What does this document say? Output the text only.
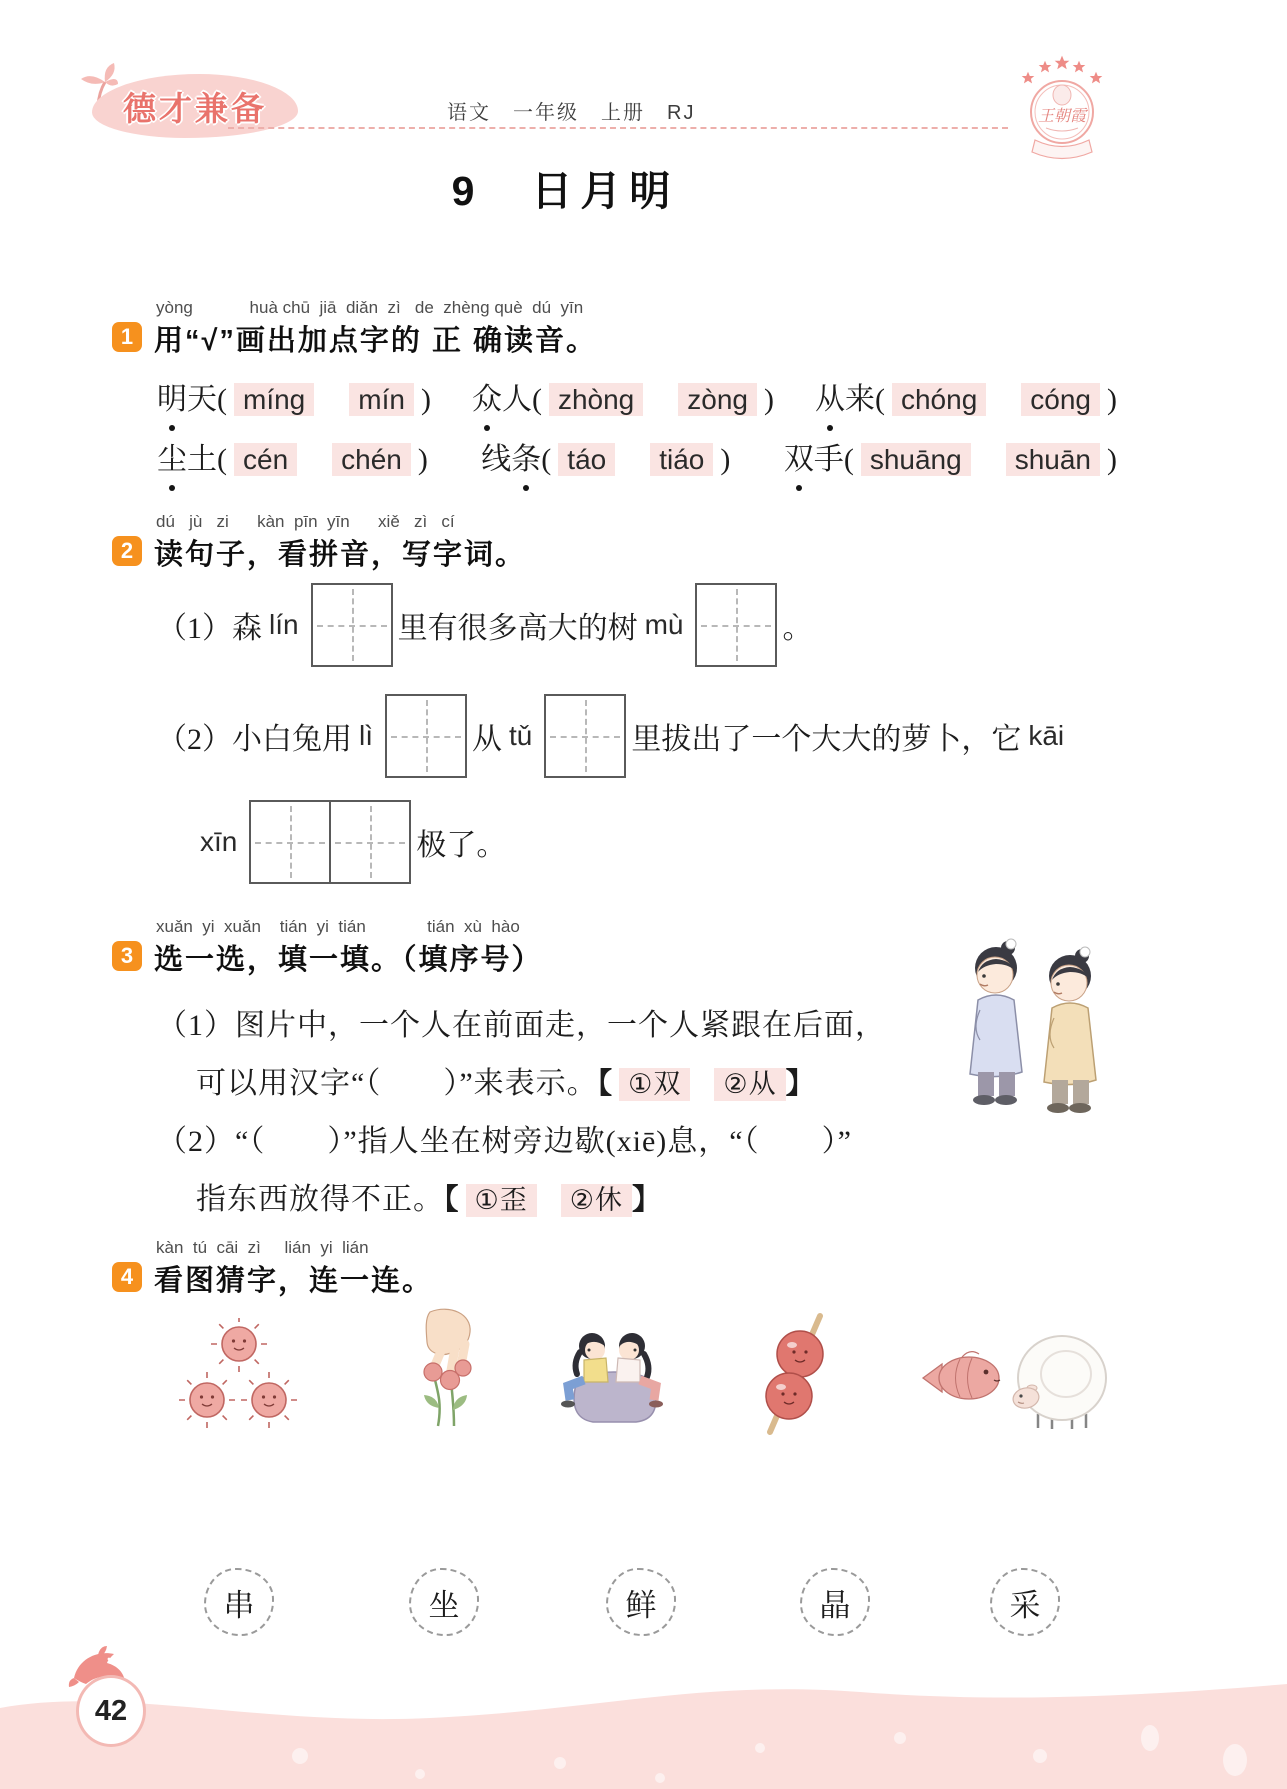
德才兼备	语文　一年级　上册　RJ	王朝霞
9　日月明
1
yòng            huà chū  jiā  diǎn  zì   de  zhèng què  dú  yīn
用“√”画出加点字的 正 确读音。
明天( míng mín ) 众人( zhòng zòng ) 从来( chóng cóng )
尘土( cén chén ) 线条( táo tiáo ) 双手( shuāng shuān )
2
dú   jù   zi      kàn  pīn  yīn      xiě   zì   cí
读句子，看拼音，写字词。
（1）森 lín	里有很多高大的树 mù	。
（2）小白兔用 lì	从 tǔ	里拔出了一个大大的萝卜，它 kāi
xīn	极了。
3
xuǎn  yi  xuǎn    tián  yi  tián             tián  xù  hào
选一选，填一填。（填序号）
（1）图片中，一个人在前面走，一个人紧跟在后面，
可以用汉字“（　　）”来表示。【 ①双 ②从 】
（2）“（　　）”指人坐在树旁边歇(xiē)息，“（　　）”
指东西放得不正。【 ①歪 ②休 】
kàn  tú  cāi  zì     lián  yi  lián
4 看图猜字，连一连。
串	坐	鲜	晶	采
42
